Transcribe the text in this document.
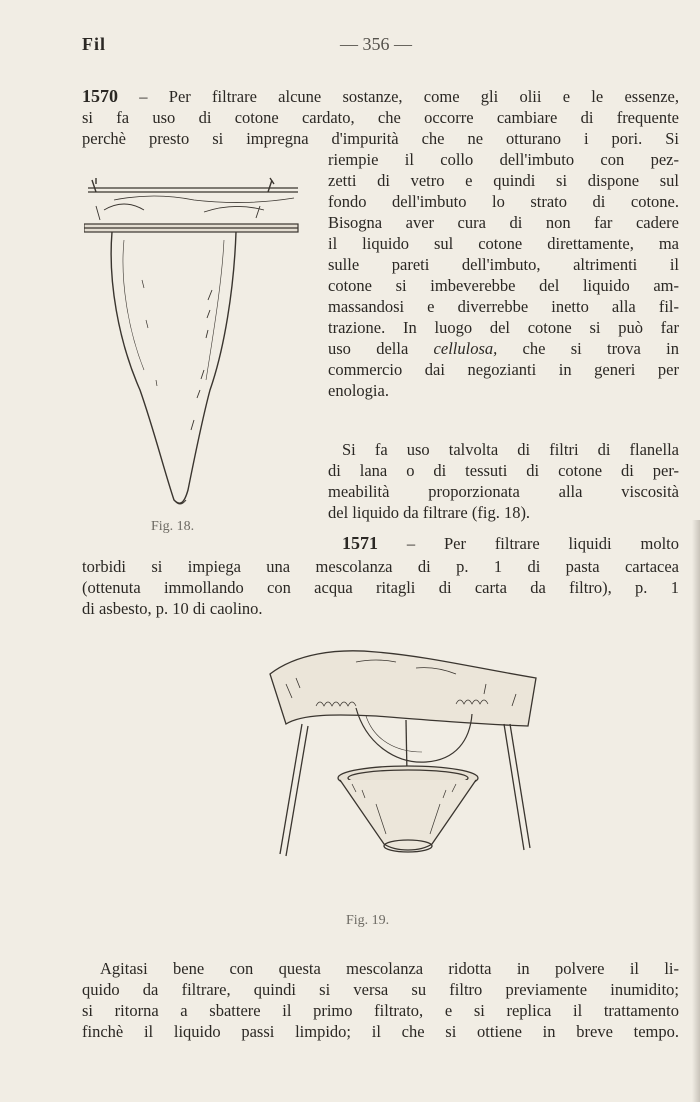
Fil	— 356 —
1570 – Per filtrare alcune sostanze, come gli olii e le essenze,
si fa uso di cotone cardato, che occorre cambiare di frequente
perchè presto si impregna d'impurità che ne otturano i pori. Si
riempie il collo dell'imbuto con pez-
zetti di vetro e quindi si dispone sul
fondo dell'imbuto lo strato di cotone.
Bisogna aver cura di non far cadere
il liquido sul cotone direttamente, ma
sulle pareti dell'imbuto, altrimenti il
cotone si imbeverebbe del liquido am-
massandosi e diverrebbe inetto alla fil-
trazione. In luogo del cotone si può far
uso della cellulosa, che si trova in
commercio dai negozianti in generi per
enologia.
Si fa uso talvolta di filtri di flanella
di lana o di tessuti di cotone di per-
meabilità proporzionata alla viscosità
del liquido da filtrare (fig. 18).
1571 – Per filtrare liquidi molto
torbidi si impiega una mescolanza di p. 1 di pasta cartacea
(ottenuta immollando con acqua ritagli di carta da filtro), p. 1
di asbesto, p. 10 di caolino.
Fig. 18.
Fig. 19.
Agitasi bene con questa mescolanza ridotta in polvere il li-
quido da filtrare, quindi si versa su filtro previamente inumidito;
si ritorna a sbattere il primo filtrato, e si replica il trattamento
finchè il liquido passi limpido; il che si ottiene in breve tempo.
